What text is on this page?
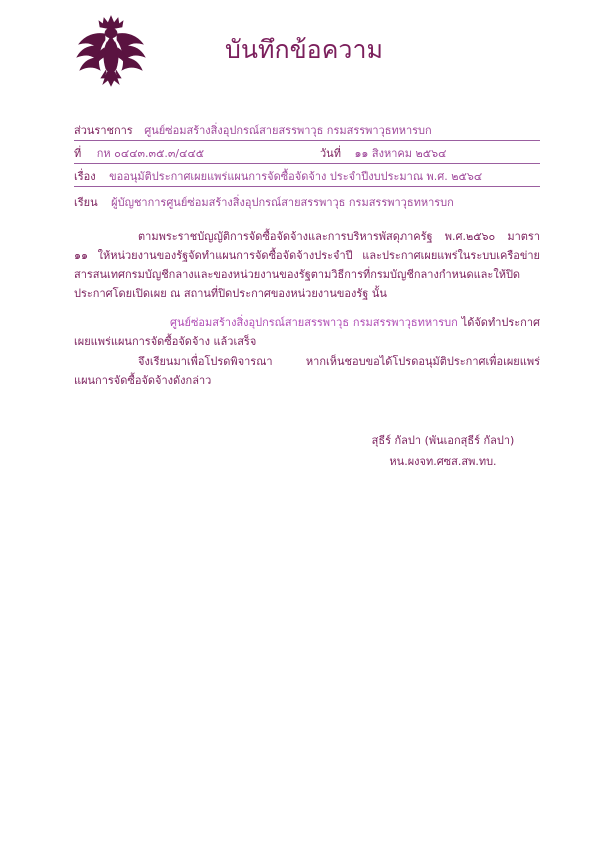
บันทึกข้อความ
ส่วนราชการ ศูนย์ซ่อมสร้างสิ่งอุปกรณ์สายสรรพาวุธ กรมสรรพาวุธทหารบก
ที่ กห ๐๔๔๓.๓๕.๓/๔๔๕	วันที่ ๑๑ สิงหาคม ๒๕๖๔
เรื่อง ขออนุมัติประกาศเผยแพร่แผนการจัดซื้อจัดจ้าง ประจำปีงบประมาณ พ.ศ. ๒๕๖๔
เรียน ผู้บัญชาการศูนย์ซ่อมสร้างสิ่งอุปกรณ์สายสรรพาวุธ กรมสรรพาวุธทหารบก
ตามพระราชบัญญัติการจัดซื้อจัดจ้างและการบริหารพัสดุภาครัฐ พ.ศ.๒๕๖๐ มาตรา ๑๑ ให้หน่วยงานของรัฐจัดทำแผนการจัดซื้อจัดจ้างประจำปี และประกาศเผยแพร่ในระบบเครือข่ายสารสนเทศกรมบัญชีกลางและของหน่วยงานของรัฐตามวิธีการที่กรมบัญชีกลางกำหนดและให้ปิดประกาศโดยเปิดเผย ณ สถานที่ปิดประกาศของหน่วยงานของรัฐ นั้น
ศูนย์ซ่อมสร้างสิ่งอุปกรณ์สายสรรพาวุธ กรมสรรพาวุธทหารบก ได้จัดทำประกาศเผยแพร่แผนการจัดซื้อจัดจ้าง แล้วเสร็จ
จึงเรียนมาเพื่อโปรดพิจารณา หากเห็นชอบขอได้โปรดอนุมัติประกาศเพื่อเผยแพร่แผนการจัดซื้อจัดจ้างดังกล่าว
สุธีร์ กัลปา (พันเอกสุธีร์ กัลปา) หน.ผงจท.ศซส.สพ.ทบ.
